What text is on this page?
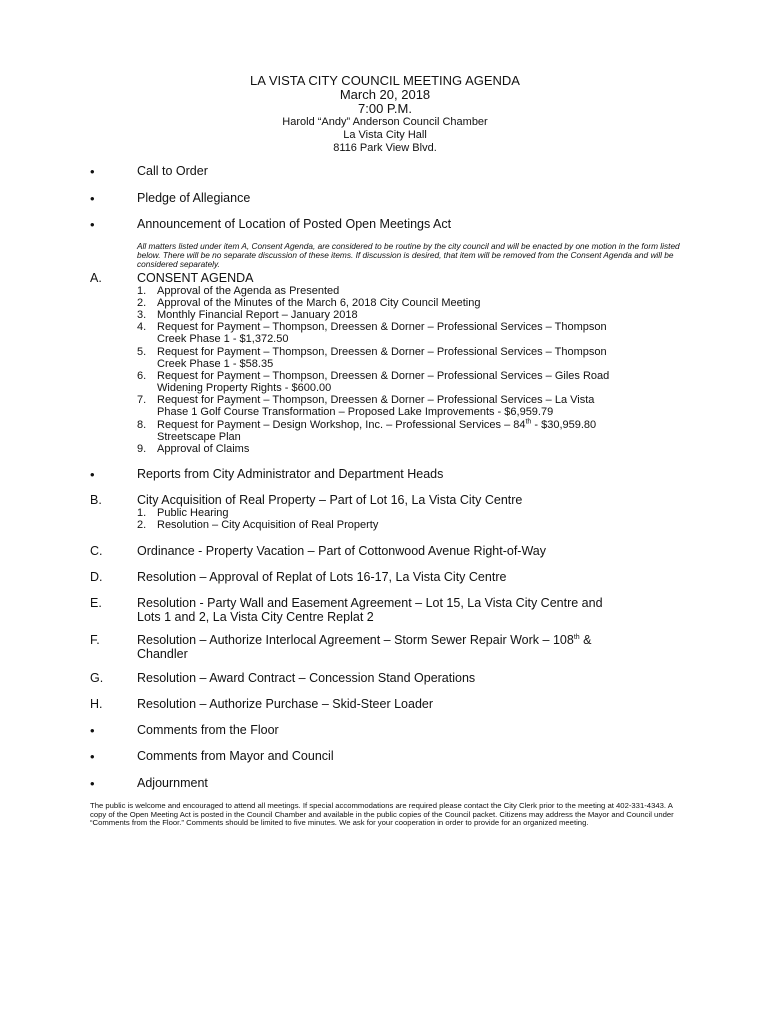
LA VISTA CITY COUNCIL MEETING AGENDA
March 20, 2018
7:00 P.M.
Harold “Andy” Anderson Council Chamber
La Vista City Hall
8116 Park View Blvd.
•	Call to Order
•	Pledge of Allegiance
•	Announcement of Location of Posted Open Meetings Act
All matters listed under item A, Consent Agenda, are considered to be routine by the city council and will be enacted by one motion in the form listed below. There will be no separate discussion of these items. If discussion is desired, that item will be removed from the Consent Agenda and will be considered separately.
A.	CONSENT AGENDA
1. Approval of the Agenda as Presented
2. Approval of the Minutes of the March 6, 2018 City Council Meeting
3. Monthly Financial Report – January 2018
4. Request for Payment – Thompson, Dreessen & Dorner – Professional Services – Thompson
Creek Phase 1 - $1,372.50
5. Request for Payment – Thompson, Dreessen & Dorner – Professional Services – Thompson
Creek Phase 1 - $58.35
6. Request for Payment – Thompson, Dreessen & Dorner – Professional Services – Giles Road
Widening Property Rights - $600.00
7. Request for Payment – Thompson, Dreessen & Dorner – Professional Services – La Vista
Phase 1 Golf Course Transformation – Proposed Lake Improvements - $6,959.79
8. Request for Payment – Design Workshop, Inc. – Professional Services – 84th - $30,959.80
Streetscape Plan
9. Approval of Claims
•	Reports from City Administrator and Department Heads
B.	City Acquisition of Real Property – Part of Lot 16, La Vista City Centre
1. Public Hearing
2. Resolution – City Acquisition of Real Property
C.	Ordinance - Property Vacation – Part of Cottonwood Avenue Right-of-Way
D.	Resolution – Approval of Replat of Lots 16-17, La Vista City Centre
E.	Resolution - Party Wall and Easement Agreement – Lot 15, La Vista City Centre and
Lots 1 and 2, La Vista City Centre Replat 2
F.	Resolution – Authorize Interlocal Agreement – Storm Sewer Repair Work – 108th &
Chandler
G.	Resolution – Award Contract – Concession Stand Operations
H.	Resolution – Authorize Purchase – Skid-Steer Loader
•	Comments from the Floor
•	Comments from Mayor and Council
•	Adjournment
The public is welcome and encouraged to attend all meetings. If special accommodations are required please contact the City Clerk prior to the meeting at 402-331-4343. A copy of the Open Meeting Act is posted in the Council Chamber and available in the public copies of the Council packet. Citizens may address the Mayor and Council under “Comments from the Floor.” Comments should be limited to five minutes. We ask for your cooperation in order to provide for an organized meeting.
